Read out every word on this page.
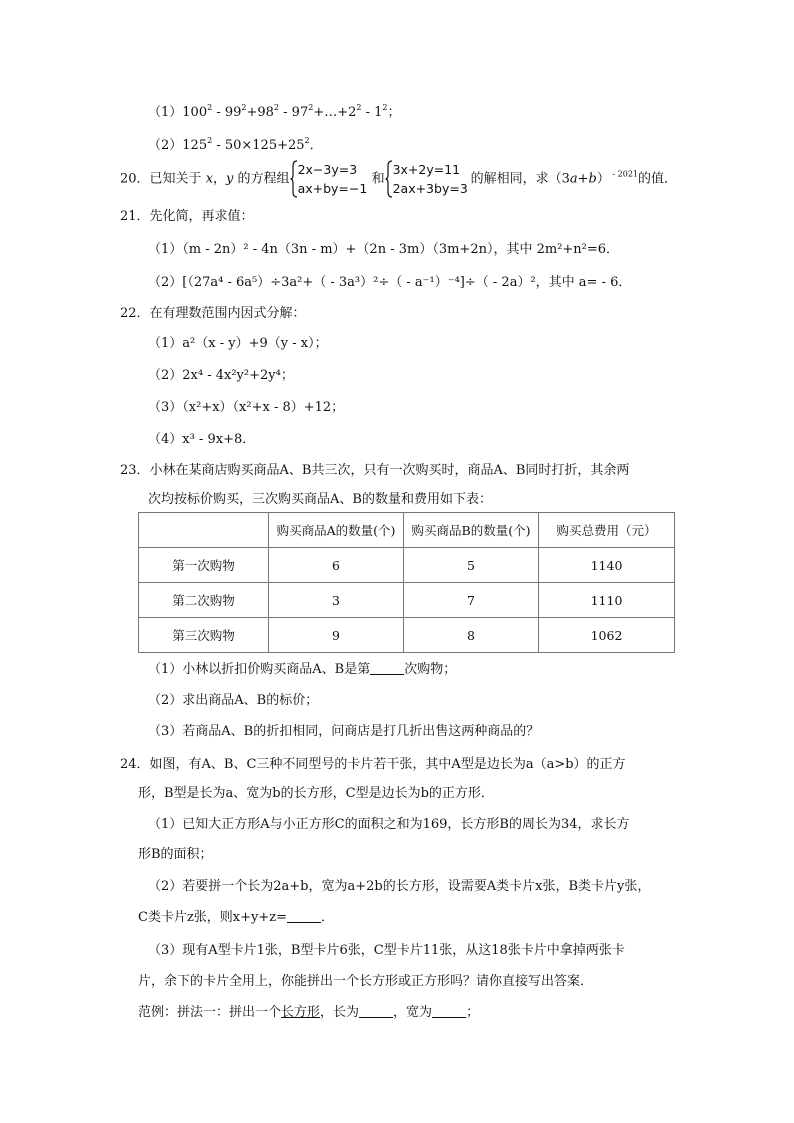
$(1)100^2 - 99^2+98^2$ - $97^2+\dots+2^2 - 1^2$；
$(2)125^2 - 50\times 125+25^2$．
20．已知关于 x，y 的方程组
2x−3y=3
ax+by=−1
和
3x+2y=11
2ax+3by=3
的解相同，求（3a+b） $^{- 2021}$的值．
21．先化简，再求值：
（1）（m - 2n）² - 4n（3n - m）+（2n - 3m）（3m+2n），其中 2m²+n²=6．
（2）[（27a⁴ - 6a⁵）÷3a²+（ - 3a³）²÷（ - a⁻¹）⁻⁴]÷（ - 2a）²，其中 a= - 6．
22．在有理数范围内因式分解：
（1）a²（x - y）+9（y - x）；
（2）2x⁴ - 4x²y²+2y⁴；
（3）（x²+x）（x²+x - 8）+12；
（4）x³ - 9x+8．
23．小林在某商店购买商品A、B共三次，只有一次购买时，商品A、B同时打折，其余两
次均按标价购买，三次购买商品A、B的数量和费用如下表：
	购买商品A的数量(个)	购买商品B的数量(个)	购买总费用（元）
第一次购物	6	5	1140
第二次购物	3	7	1110
第三次购物	9	8	1062
（1）小林以折扣价购买商品A、B是第	次购物；
（2）求出商品A、B的标价；
（3）若商品A、B的折扣相同，问商店是打几折出售这两种商品的？
24．如图，有A、B、C三种不同型号的卡片若干张，其中A型是边长为a（a>b）的正方
形，B型是长为a、宽为b的长方形，C型是边长为b的正方形．
（1）已知大正方形A与小正方形C的面积之和为169，长方形B的周长为34，求长方
形B的面积；
（2）若要拼一个长为2a+b，宽为a+2b的长方形，设需要A类卡片x张，B类卡片y张，
C类卡片z张，则x+y+z=	．
（3）现有A型卡片1张，B型卡片6张，C型卡片11张，从这18张卡片中拿掉两张卡
片，余下的卡片全用上，你能拼出一个长方形或正方形吗？请你直接写出答案．
范例：拼法一：拼出一个长方形，长为	，宽为	；
